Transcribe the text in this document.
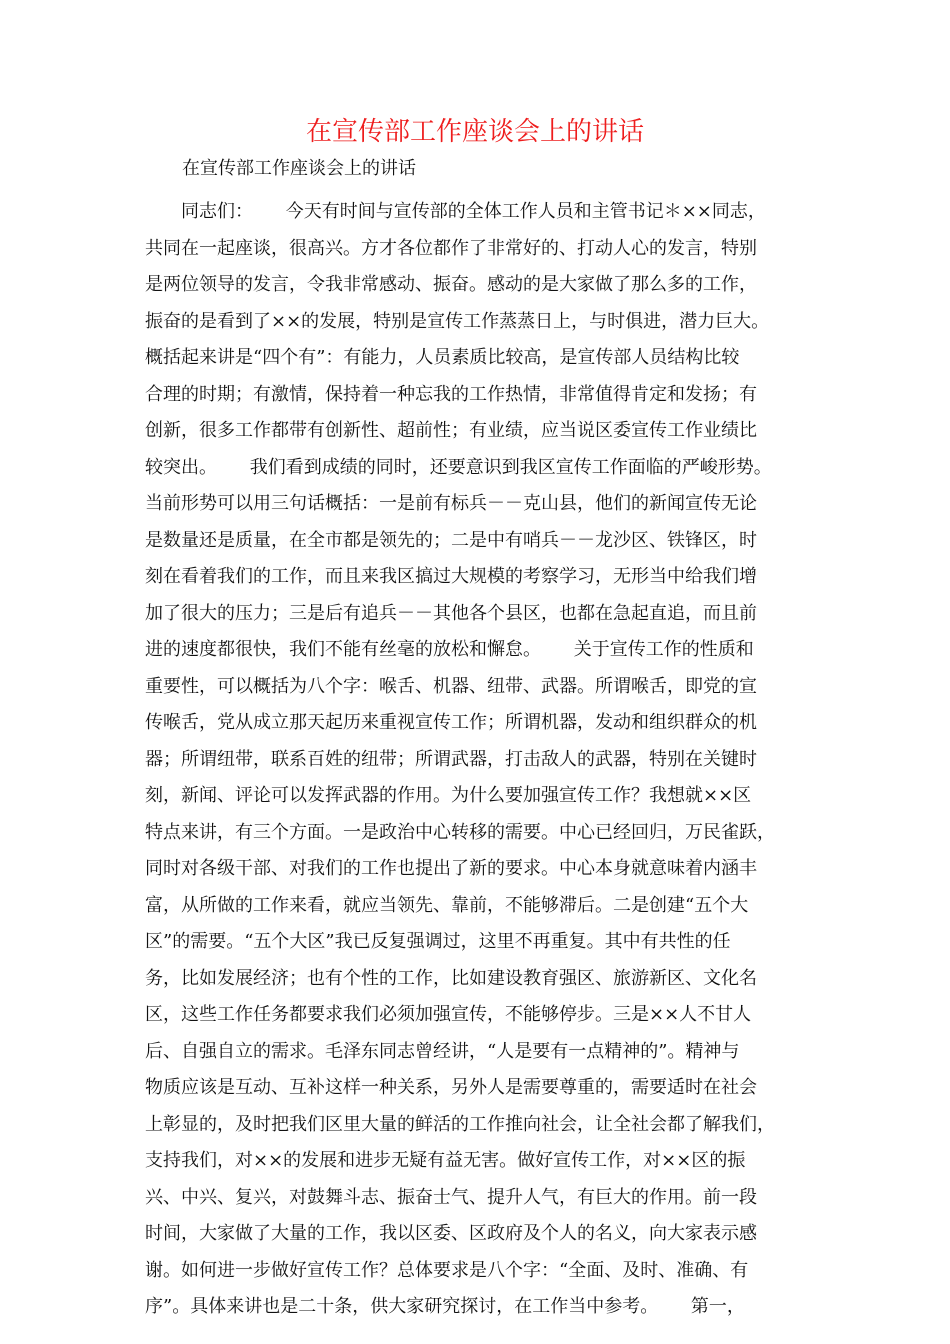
在宣传部工作座谈会上的讲话

在宣传部工作座谈会上的讲话

　　同志们：　　 今天有时间与宣传部的全体工作人员和主管书记＊××同志，
共同在一起座谈，很高兴。方才各位都作了非常好的、打动人心的发言，特别
是两位领导的发言，令我非常感动、振奋。感动的是大家做了那么多的工作，
振奋的是看到了××的发展，特别是宣传工作蒸蒸日上，与时俱进，潜力巨大。
概括起来讲是“四个有”：有能力，人员素质比较高，是宣传部人员结构比较
合理的时期；有激情，保持着一种忘我的工作热情，非常值得肯定和发扬；有
创新，很多工作都带有创新性、超前性；有业绩，应当说区委宣传工作业绩比
较突出。　　 我们看到成绩的同时，还要意识到我区宣传工作面临的严峻形势。
当前形势可以用三句话概括：一是前有标兵－－克山县，他们的新闻宣传无论
是数量还是质量，在全市都是领先的；二是中有哨兵－－龙沙区、铁锋区，时
刻在看着我们的工作，而且来我区搞过大规模的考察学习，无形当中给我们增
加了很大的压力；三是后有追兵－－其他各个县区，也都在急起直追，而且前
进的速度都很快，我们不能有丝毫的放松和懈怠。　　 关于宣传工作的性质和
重要性，可以概括为八个字：喉舌、机器、纽带、武器。所谓喉舌，即党的宣
传喉舌，党从成立那天起历来重视宣传工作；所谓机器，发动和组织群众的机
器；所谓纽带，联系百姓的纽带；所谓武器，打击敌人的武器，特别在关键时
刻，新闻、评论可以发挥武器的作用。为什么要加强宣传工作？我想就××区
特点来讲，有三个方面。一是政治中心转移的需要。中心已经回归，万民雀跃，
同时对各级干部、对我们的工作也提出了新的要求。中心本身就意味着内涵丰
富，从所做的工作来看，就应当领先、靠前，不能够滞后。二是创建“五个大
区”的需要。“五个大区”我已反复强调过，这里不再重复。其中有共性的任
务，比如发展经济；也有个性的工作，比如建设教育强区、旅游新区、文化名
区，这些工作任务都要求我们必须加强宣传，不能够停步。三是××人不甘人
后、自强自立的需求。毛泽东同志曾经讲，“人是要有一点精神的”。精神与
物质应该是互动、互补这样一种关系，另外人是需要尊重的，需要适时在社会
上彰显的，及时把我们区里大量的鲜活的工作推向社会，让全社会都了解我们，
支持我们，对××的发展和进步无疑有益无害。做好宣传工作，对××区的振
兴、中兴、复兴，对鼓舞斗志、振奋士气、提升人气，有巨大的作用。前一段
时间，大家做了大量的工作，我以区委、区政府及个人的名义，向大家表示感
谢。如何进一步做好宣传工作？总体要求是八个字：“全面、及时、准确、有
序”。具体来讲也是二十条，供大家研究探讨，在工作当中参考。　　 第一，
